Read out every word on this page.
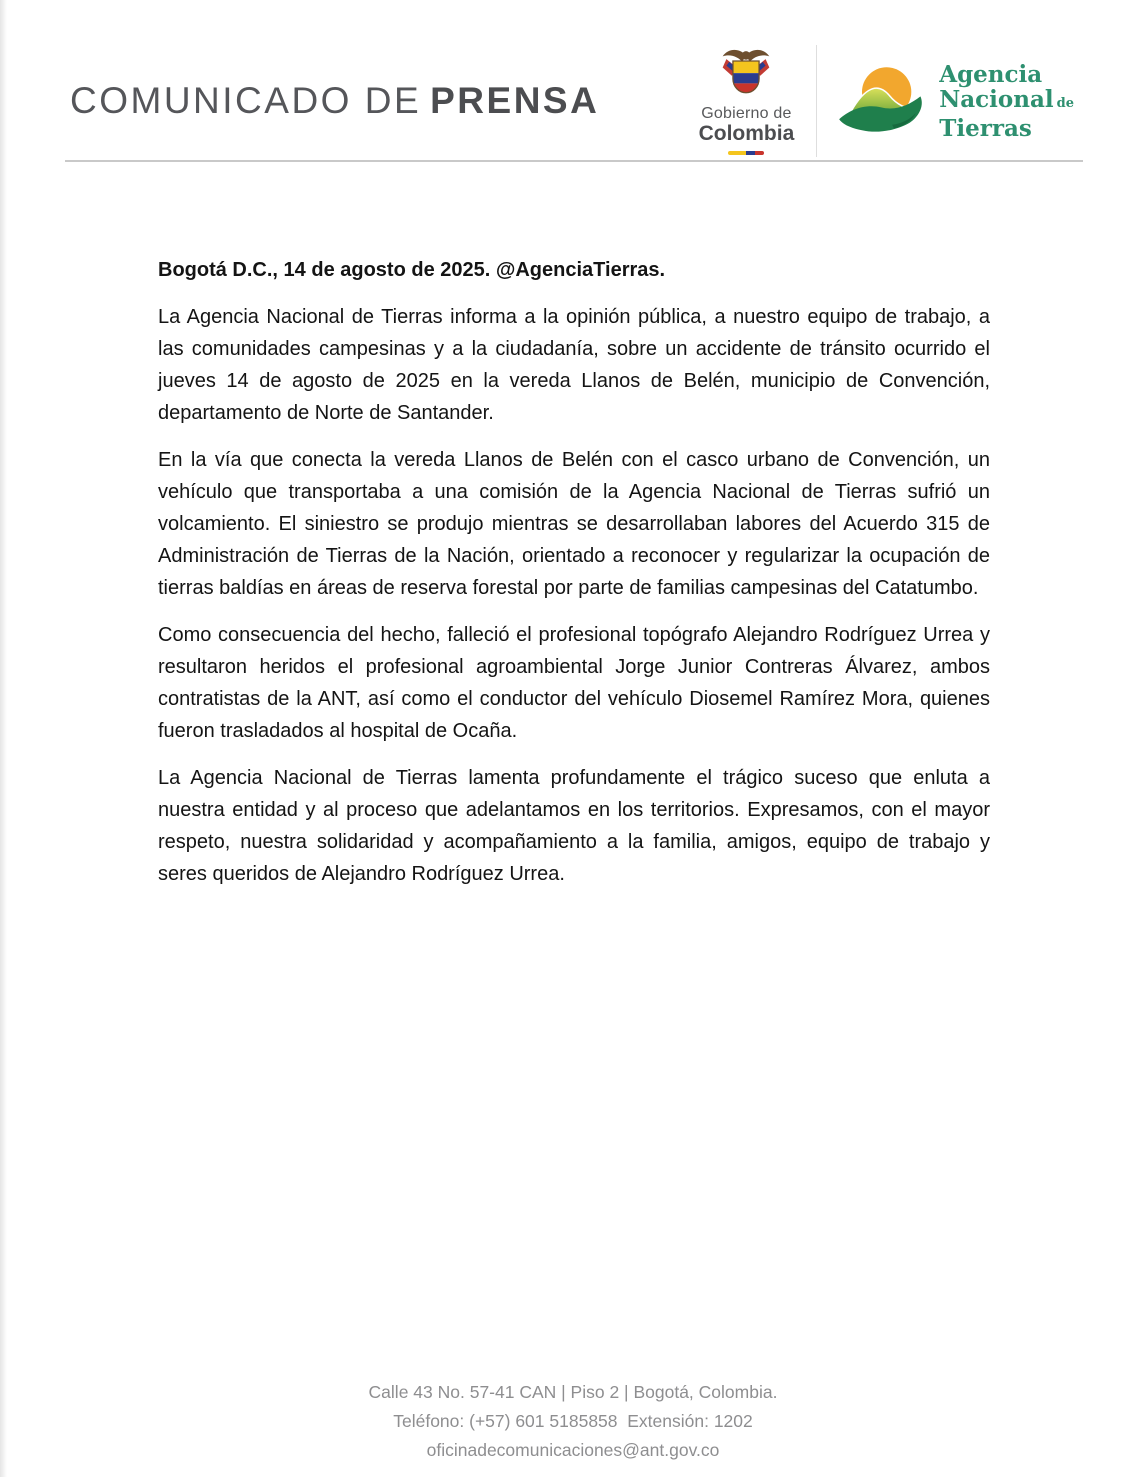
COMUNICADO DE PRENSA	Gobierno de
Colombia
Agencia
Nacional de
Tierras

Bogotá D.C., 14 de agosto de 2025. @AgenciaTierras.

La Agencia Nacional de Tierras informa a la opinión pública, a nuestro equipo de trabajo, a las comunidades campesinas y a la ciudadanía, sobre un accidente de tránsito ocurrido el jueves 14 de agosto de 2025 en la vereda Llanos de Belén, municipio de Convención, departamento de Norte de Santander.

En la vía que conecta la vereda Llanos de Belén con el casco urbano de Convención, un vehículo que transportaba a una comisión de la Agencia Nacional de Tierras sufrió un volcamiento. El siniestro se produjo mientras se desarrollaban labores del Acuerdo 315 de Administración de Tierras de la Nación, orientado a reconocer y regularizar la ocupación de tierras baldías en áreas de reserva forestal por parte de familias campesinas del Catatumbo.

Como consecuencia del hecho, falleció el profesional topógrafo Alejandro Rodríguez Urrea y resultaron heridos el profesional agroambiental Jorge Junior Contreras Álvarez, ambos contratistas de la ANT, así como el conductor del vehículo Diosemel Ramírez Mora, quienes fueron trasladados al hospital de Ocaña.

La Agencia Nacional de Tierras lamenta profundamente el trágico suceso que enluta a nuestra entidad y al proceso que adelantamos en los territorios. Expresamos, con el mayor respeto, nuestra solidaridad y acompañamiento a la familia, amigos, equipo de trabajo y seres queridos de Alejandro Rodríguez Urrea.

Calle 43 No. 57-41 CAN | Piso 2 | Bogotá, Colombia.
Teléfono: (+57) 601 5185858  Extensión: 1202
oficinadecomunicaciones@ant.gov.co
